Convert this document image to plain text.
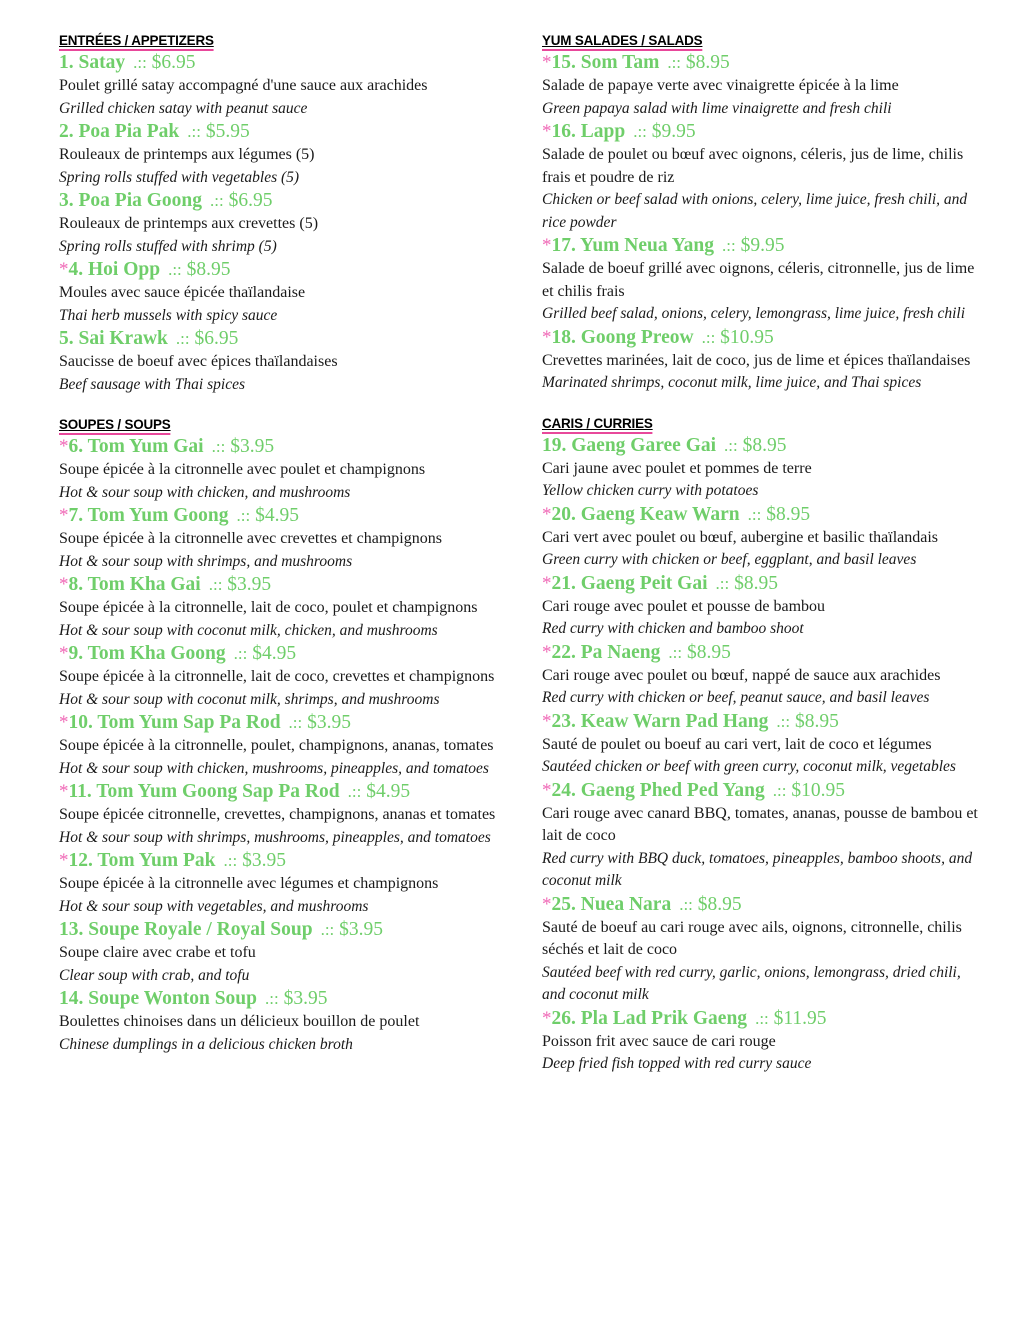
ENTRÉES / APPETIZERS
1. Satay .:: $6.95
Poulet grillé satay accompagné d'une sauce aux arachides
Grilled chicken satay with peanut sauce
2. Poa Pia Pak .:: $5.95
Rouleaux de printemps aux légumes (5)
Spring rolls stuffed with vegetables (5)
3. Poa Pia Goong .:: $6.95
Rouleaux de printemps aux crevettes (5)
Spring rolls stuffed with shrimp (5)
*4. Hoi Opp .:: $8.95
Moules avec sauce épicée thaïlandaise
Thai herb mussels with spicy sauce
5. Sai Krawk .:: $6.95
Saucisse de boeuf avec épices thaïlandaises
Beef sausage with Thai spices
SOUPES / SOUPS
*6. Tom Yum Gai .:: $3.95
Soupe épicée à la citronnelle avec poulet et champignons
Hot & sour soup with chicken, and mushrooms
*7. Tom Yum Goong .:: $4.95
Soupe épicée à la citronnelle avec crevettes et champignons
Hot & sour soup with shrimps, and mushrooms
*8. Tom Kha Gai .:: $3.95
Soupe épicée à la citronnelle, lait de coco, poulet et champignons
Hot & sour soup with coconut milk, chicken, and mushrooms
*9. Tom Kha Goong .:: $4.95
Soupe épicée à la citronnelle, lait de coco, crevettes et champignons
Hot & sour soup with coconut milk, shrimps, and mushrooms
*10. Tom Yum Sap Pa Rod .:: $3.95
Soupe épicée à la citronnelle, poulet, champignons, ananas, tomates
Hot & sour soup with chicken, mushrooms, pineapples, and tomatoes
*11. Tom Yum Goong Sap Pa Rod .:: $4.95
Soupe épicée citronnelle, crevettes, champignons, ananas et tomates
Hot & sour soup with shrimps, mushrooms, pineapples, and tomatoes
*12. Tom Yum Pak .:: $3.95
Soupe épicée à la citronnelle avec légumes et champignons
Hot & sour soup with vegetables, and mushrooms
13. Soupe Royale / Royal Soup .:: $3.95
Soupe claire avec crabe et tofu
Clear soup with crab, and tofu
14. Soupe Wonton Soup .:: $3.95
Boulettes chinoises dans un délicieux bouillon de poulet
Chinese dumplings in a delicious chicken broth
YUM SALADES / SALADS
*15. Som Tam .:: $8.95
Salade de papaye verte avec vinaigrette épicée à la lime
Green papaya salad with lime vinaigrette and fresh chili
*16. Lapp .:: $9.95
Salade de poulet ou bœuf avec oignons, céleris, jus de lime, chilis frais et poudre de riz
Chicken or beef salad with onions, celery, lime juice, fresh chili, and rice powder
*17. Yum Neua Yang .:: $9.95
Salade de boeuf grillé avec oignons, céleris, citronnelle, jus de lime et chilis frais
Grilled beef salad, onions, celery, lemongrass, lime juice, fresh chili
*18. Goong Preow .:: $10.95
Crevettes marinées, lait de coco, jus de lime et épices thaïlandaises
Marinated shrimps, coconut milk, lime juice, and Thai spices
CARIS / CURRIES
19. Gaeng Garee Gai .:: $8.95
Cari jaune avec poulet et pommes de terre
Yellow chicken curry with potatoes
*20. Gaeng Keaw Warn .:: $8.95
Cari vert avec poulet ou bœuf, aubergine et basilic thaïlandais
Green curry with chicken or beef, eggplant, and basil leaves
*21. Gaeng Peit Gai .:: $8.95
Cari rouge avec poulet et pousse de bambou
Red curry with chicken and bamboo shoot
*22. Pa Naeng .:: $8.95
Cari rouge avec poulet ou bœuf, nappé de sauce aux arachides
Red curry with chicken or beef, peanut sauce, and basil leaves
*23. Keaw Warn Pad Hang .:: $8.95
Sauté de poulet ou boeuf au cari vert, lait de coco et légumes
Sautéed chicken or beef with green curry, coconut milk, vegetables
*24. Gaeng Phed Ped Yang .:: $10.95
Cari rouge avec canard BBQ, tomates, ananas, pousse de bambou et lait de coco
Red curry with BBQ duck, tomatoes, pineapples, bamboo shoots, and coconut milk
*25. Nuea Nara .:: $8.95
Sauté de boeuf au cari rouge avec ails, oignons, citronnelle, chilis séchés et lait de coco
Sautéed beef with red curry, garlic, onions, lemongrass, dried chili, and coconut milk
*26. Pla Lad Prik Gaeng .:: $11.95
Poisson frit avec sauce de cari rouge
Deep fried fish topped with red curry sauce
